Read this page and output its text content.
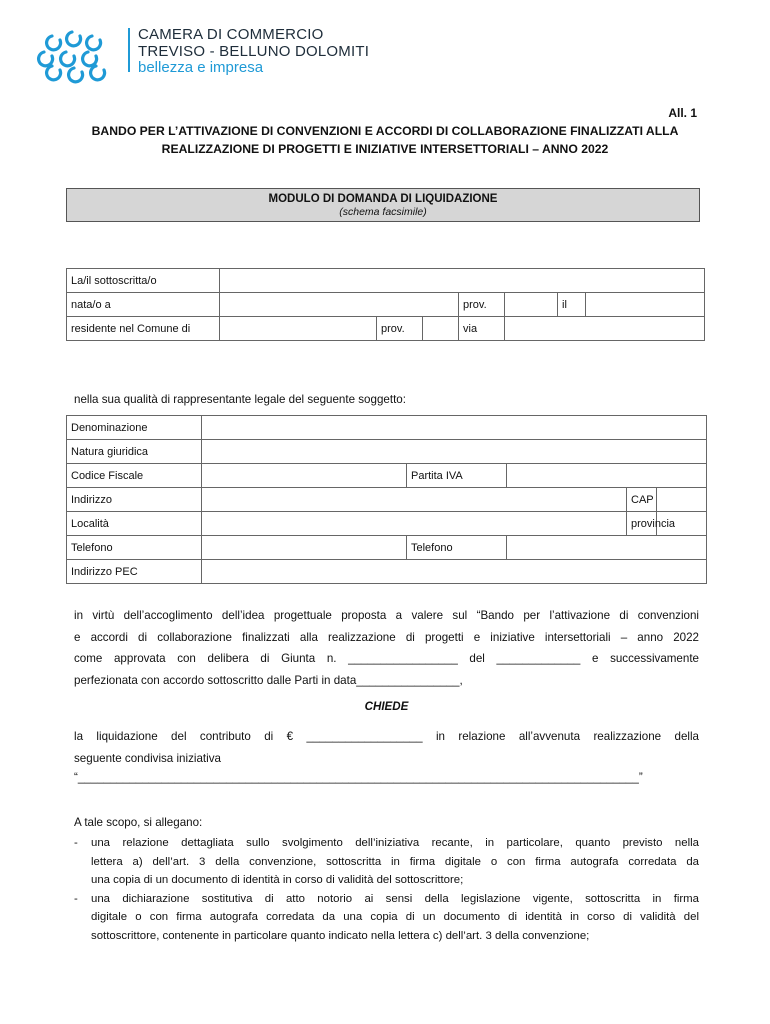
CAMERA DI COMMERCIO
TREVISO - BELLUNO DOLOMITI
bellezza e impresa
All. 1
BANDO PER L’ATTIVAZIONE DI CONVENZIONI E ACCORDI DI COLLABORAZIONE FINALIZZATI ALLA
REALIZZAZIONE DI PROGETTI E INIZIATIVE INTERSETTORIALI – ANNO 2022
MODULO DI DOMANDA DI LIQUIDAZIONE
(schema facsimile)
La/il sottoscritta/o							
nata/o a				prov.		il	
residente nel Comune di		prov.		via			
nella sua qualità di rappresentante legale del seguente soggetto:
Denominazione					
Natura giuridica					
Codice Fiscale		Partita IVA			
Indirizzo				CAP	
Località				provincia	
Telefono		Telefono			
Indirizzo PEC					
in virtù dell’accoglimento dell’idea progettuale proposta a valere sul “Bando per l’attivazione di convenzioni
e accordi di collaborazione finalizzati alla realizzazione di progetti e iniziative intersettoriali – anno 2022
come approvata con delibera di Giunta n. _________________ del _____________ e successivamente
perfezionata con accordo sottoscritto dalle Parti in data________________,
CHIEDE
la liquidazione del contributo di € __________________ in relazione all’avvenuta realizzazione della
seguente condivisa iniziativa
“_______________________________________________________________________________________”
A tale scopo, si allegano:
- una relazione dettagliata sullo svolgimento dell’iniziativa recante, in particolare, quanto previsto nella
lettera a) dell’art. 3 della convenzione, sottoscritta in firma digitale o con firma autografa corredata da
una copia di un documento di identità in corso di validità del sottoscrittore;
- una dichiarazione sostitutiva di atto notorio ai sensi della legislazione vigente, sottoscritta in firma
digitale o con firma autografa corredata da una copia di un documento di identità in corso di validità del
sottoscrittore, contenente in particolare quanto indicato nella lettera c) dell’art. 3 della convenzione;
